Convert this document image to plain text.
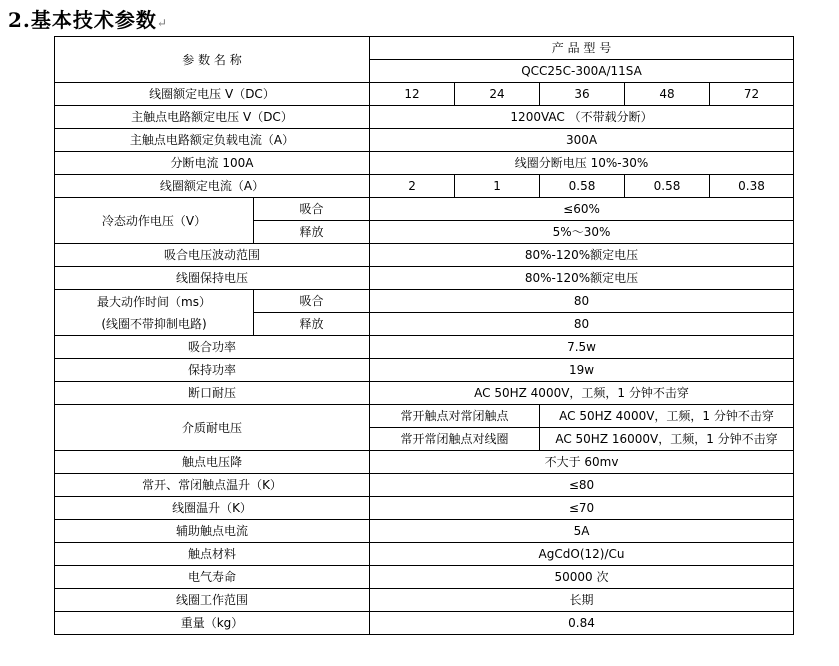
2.基本技术参数↵
参 数 名 称		产 品 型 号				
		QCC25C-300A/11SA				
线圈额定电压 V（DC）		12	24	36	48	72
主触点电路额定电压 V（DC）		1200VAC （不带载分断）				
主触点电路额定负载电流（A）		300A				
分断电流 100A		线圈分断电压 10%-30%				
线圈额定电流（A）		2	1	0.58	0.58	0.38
冷态动作电压（V）	吸合	≤60%				
	释放	5%～30%				
吸合电压波动范围		80%-120%额定电压				
线圈保持电压		80%-120%额定电压				

最大动作时间（ms）
(线圈不带抑制电路)	吸合	80				
	释放	80				
吸合功率		7.5w				
保持功率		19w				
断口耐压		AC 50HZ 4000V，工频，1 分钟不击穿				
介质耐电压		常开触点对常闭触点		AC 50HZ 4000V，工频，1 分钟不击穿		
		常开常闭触点对线圈		AC 50HZ 16000V，工频，1 分钟不击穿		
触点电压降		不大于 60mv				
常开、常闭触点温升（K）		≤80				
线圈温升（K）		≤70				
辅助触点电流		5A				
触点材料		AgCdO(12)/Cu				
电气寿命		50000 次				
线圈工作范围		长期				
重量（kg）		0.84				
